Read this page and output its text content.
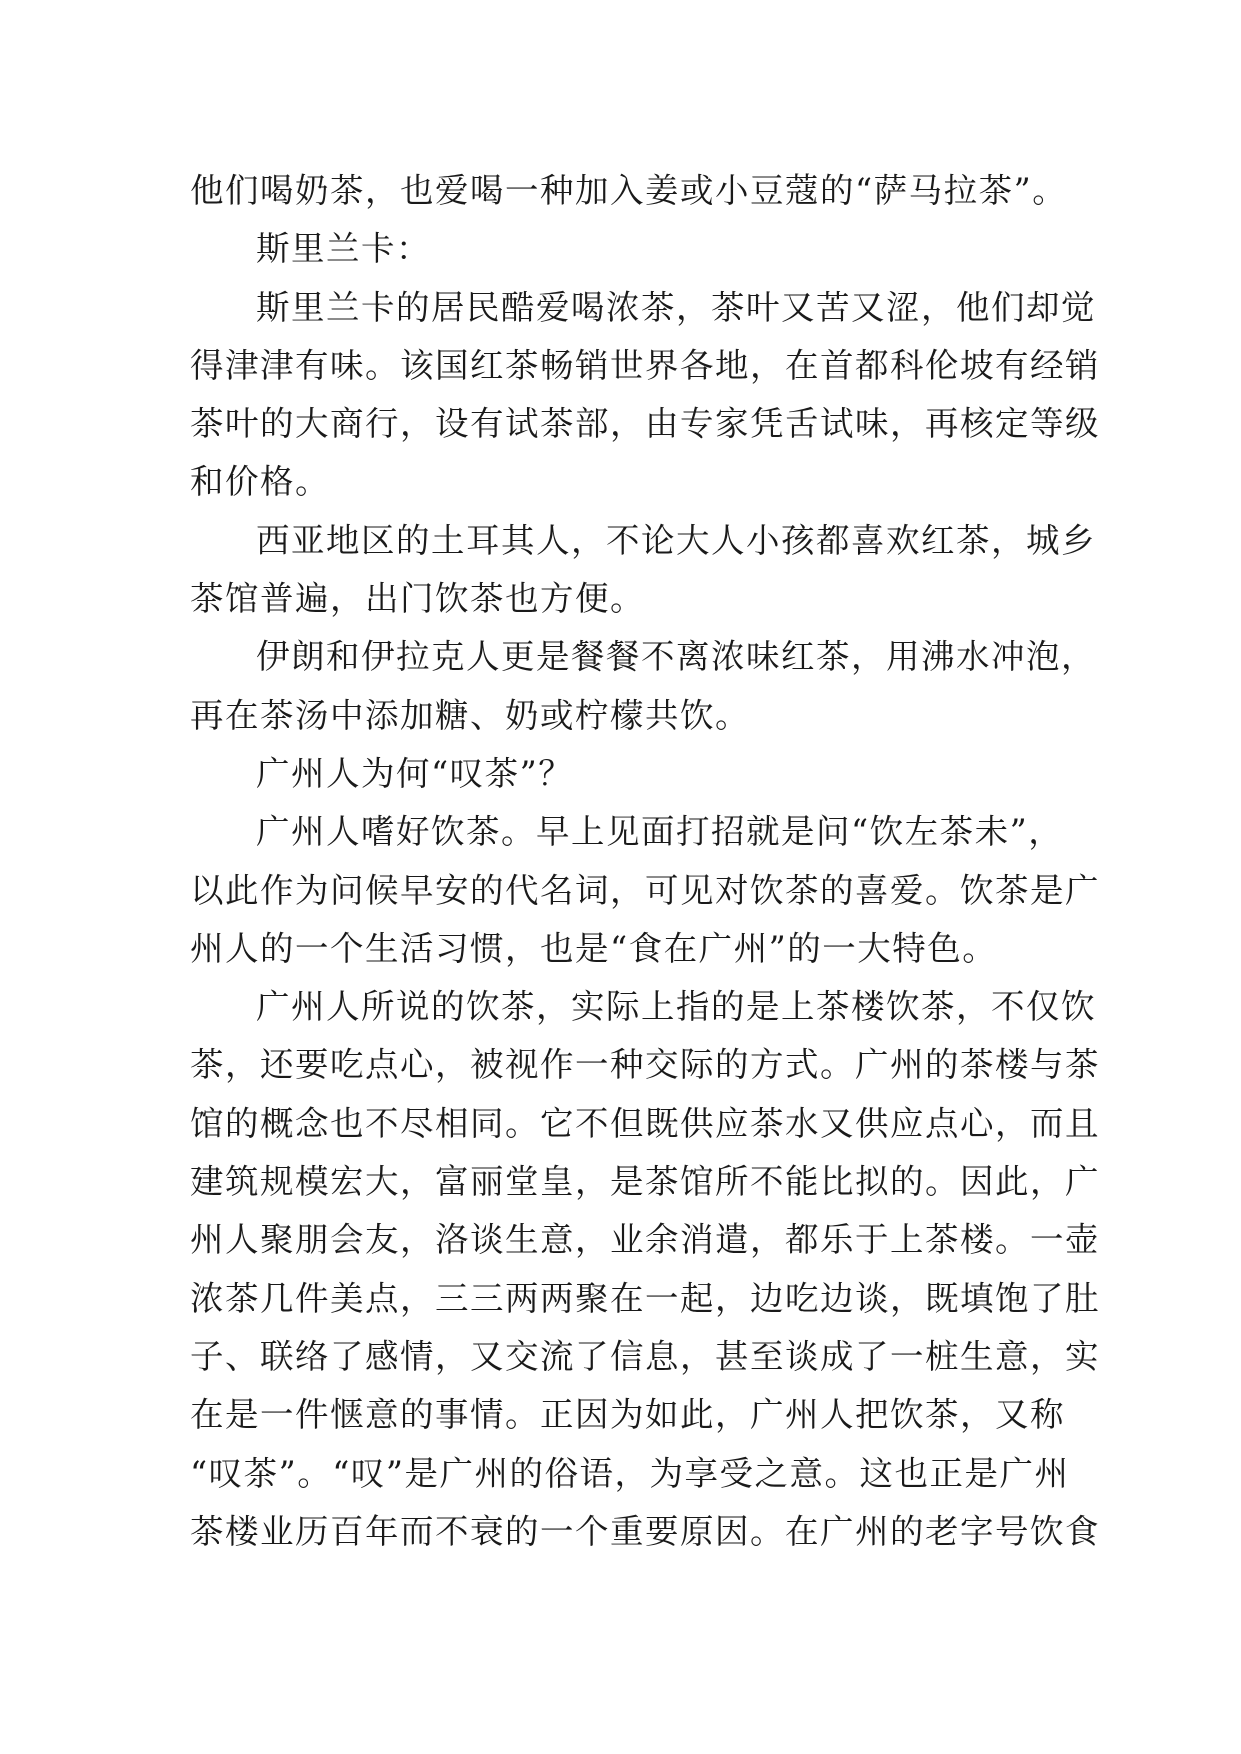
他们喝奶茶，也爱喝一种加入姜或小豆蔻的“萨马拉茶”。
斯里兰卡：
斯里兰卡的居民酷爱喝浓茶，茶叶又苦又涩，他们却觉
得津津有味。该国红茶畅销世界各地，在首都科伦坡有经销
茶叶的大商行，设有试茶部，由专家凭舌试味，再核定等级
和价格。
西亚地区的土耳其人，不论大人小孩都喜欢红茶，城乡
茶馆普遍，出门饮茶也方便。
伊朗和伊拉克人更是餐餐不离浓味红茶，用沸水冲泡，
再在茶汤中添加糖、奶或柠檬共饮。
广州人为何“叹茶”？
广州人嗜好饮茶。早上见面打招就是问“饮左茶未”，
以此作为问候早安的代名词，可见对饮茶的喜爱。饮茶是广
州人的一个生活习惯，也是“食在广州”的一大特色。
广州人所说的饮茶，实际上指的是上茶楼饮茶，不仅饮
茶，还要吃点心，被视作一种交际的方式。广州的茶楼与茶
馆的概念也不尽相同。它不但既供应茶水又供应点心，而且
建筑规模宏大，富丽堂皇，是茶馆所不能比拟的。因此，广
州人聚朋会友，洛谈生意，业余消遣，都乐于上茶楼。一壶
浓茶几件美点，三三两两聚在一起，边吃边谈，既填饱了肚
子、联络了感情，又交流了信息，甚至谈成了一桩生意，实
在是一件惬意的事情。正因为如此，广州人把饮茶，又称
“叹茶”。“叹”是广州的俗语，为享受之意。这也正是广州
茶楼业历百年而不衰的一个重要原因。在广州的老字号饮食
